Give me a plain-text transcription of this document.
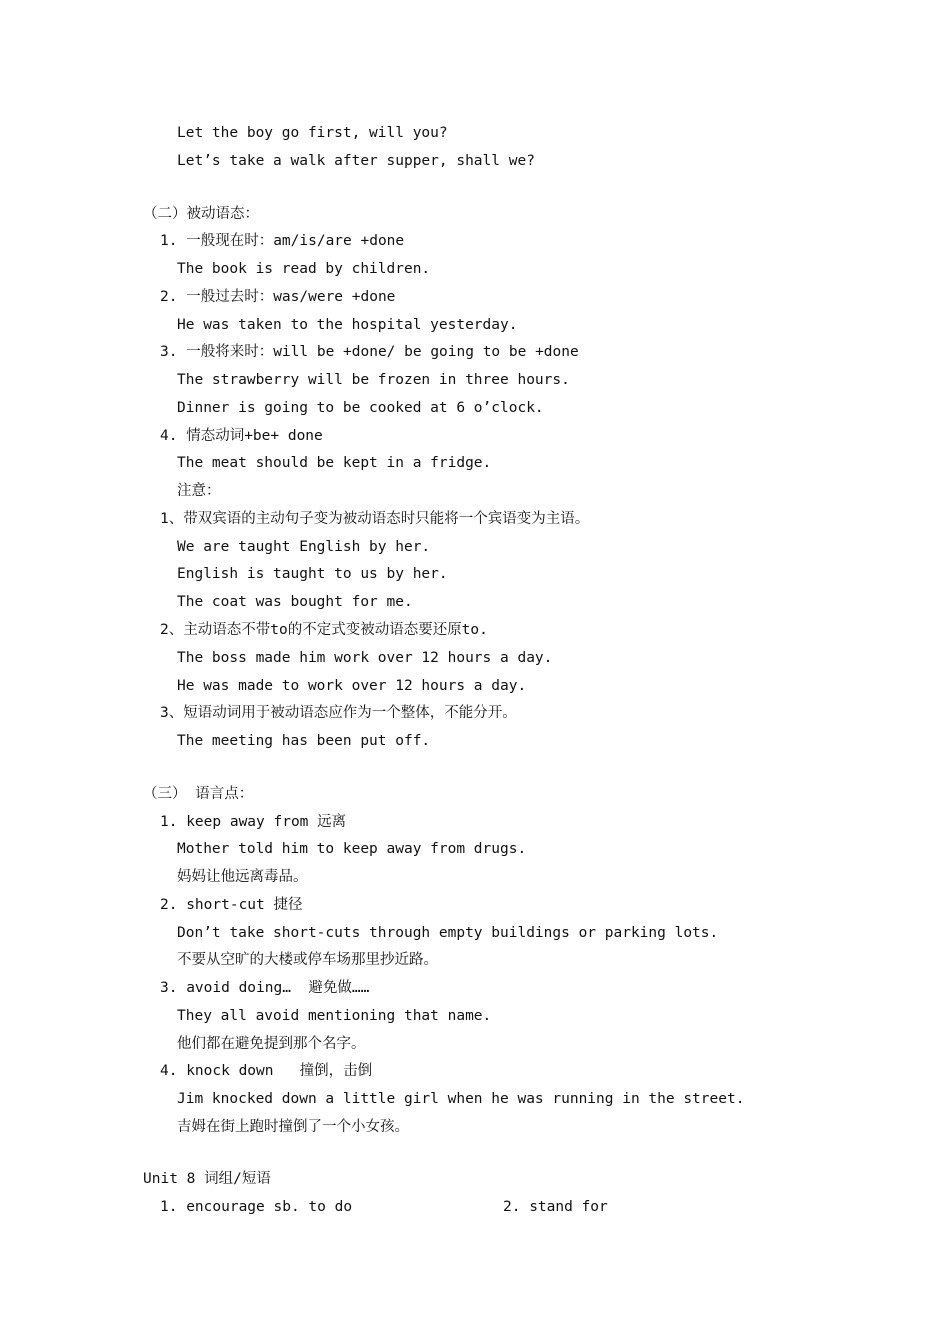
Let the boy go first, will you?
Let’s take a walk after supper, shall we?
（二）被动语态：
1. 一般现在时：am/is/are +done
The book is read by children.
2. 一般过去时：was/were +done
He was taken to the hospital yesterday.
3. 一般将来时：will be +done/ be going to be +done
The strawberry will be frozen in three hours.
Dinner is going to be cooked at 6 o’clock.
4. 情态动词+be+ done
The meat should be kept in a fridge.
注意：
1、带双宾语的主动句子变为被动语态时只能将一个宾语变为主语。
We are taught English by her.
English is taught to us by her.
The coat was bought for me.
2、主动语态不带to的不定式变被动语态要还原to.
The boss made him work over 12 hours a day.
He was made to work over 12 hours a day.
3、短语动词用于被动语态应作为一个整体，不能分开。
The meeting has been put off.
（三） 语言点：
1. keep away from 远离
Mother told him to keep away from drugs.
妈妈让他远离毒品。
2. short-cut 捷径
Don’t take short-cuts through empty buildings or parking lots.
不要从空旷的大楼或停车场那里抄近路。
3. avoid doing…  避免做……
They all avoid mentioning that name.
他们都在避免提到那个名字。
4. knock down   撞倒，击倒
Jim knocked down a little girl when he was running in the street.
吉姆在街上跑时撞倒了一个小女孩。
Unit 8 词组/短语
1. encourage sb. to do	2. stand for
